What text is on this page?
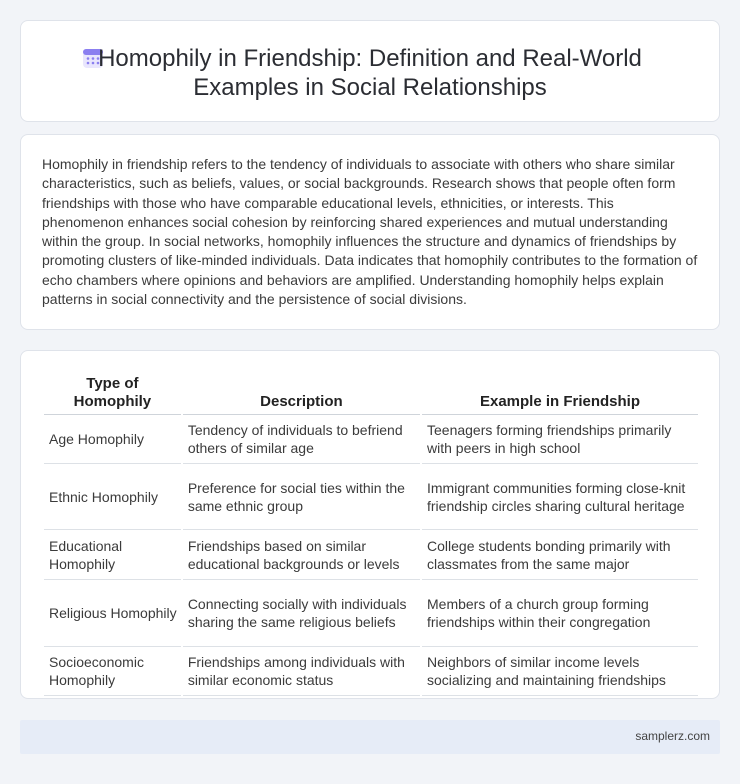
Homophily in Friendship: Definition and Real-World Examples in Social Relationships

Homophily in friendship refers to the tendency of individuals to associate with others who share similar characteristics, such as beliefs, values, or social backgrounds. Research shows that people often form friendships with those who have comparable educational levels, ethnicities, or interests. This phenomenon enhances social cohesion by reinforcing shared experiences and mutual understanding within the group. In social networks, homophily influences the structure and dynamics of friendships by promoting clusters of like-minded individuals. Data indicates that homophily contributes to the formation of echo chambers where opinions and behaviors are amplified. Understanding homophily helps explain patterns in social connectivity and the persistence of social divisions.

Type of Homophily	Description	Example in Friendship
Age Homophily	Tendency of individuals to befriend others of similar age	Teenagers forming friendships primarily with peers in high school
Ethnic Homophily	Preference for social ties within the same ethnic group	Immigrant communities forming close-knit friendship circles sharing cultural heritage
Educational Homophily	Friendships based on similar educational backgrounds or levels	College students bonding primarily with classmates from the same major
Religious Homophily	Connecting socially with individuals sharing the same religious beliefs	Members of a church group forming friendships within their congregation
Socioeconomic Homophily	Friendships among individuals with similar economic status	Neighbors of similar income levels socializing and maintaining friendships
samplerz.com
